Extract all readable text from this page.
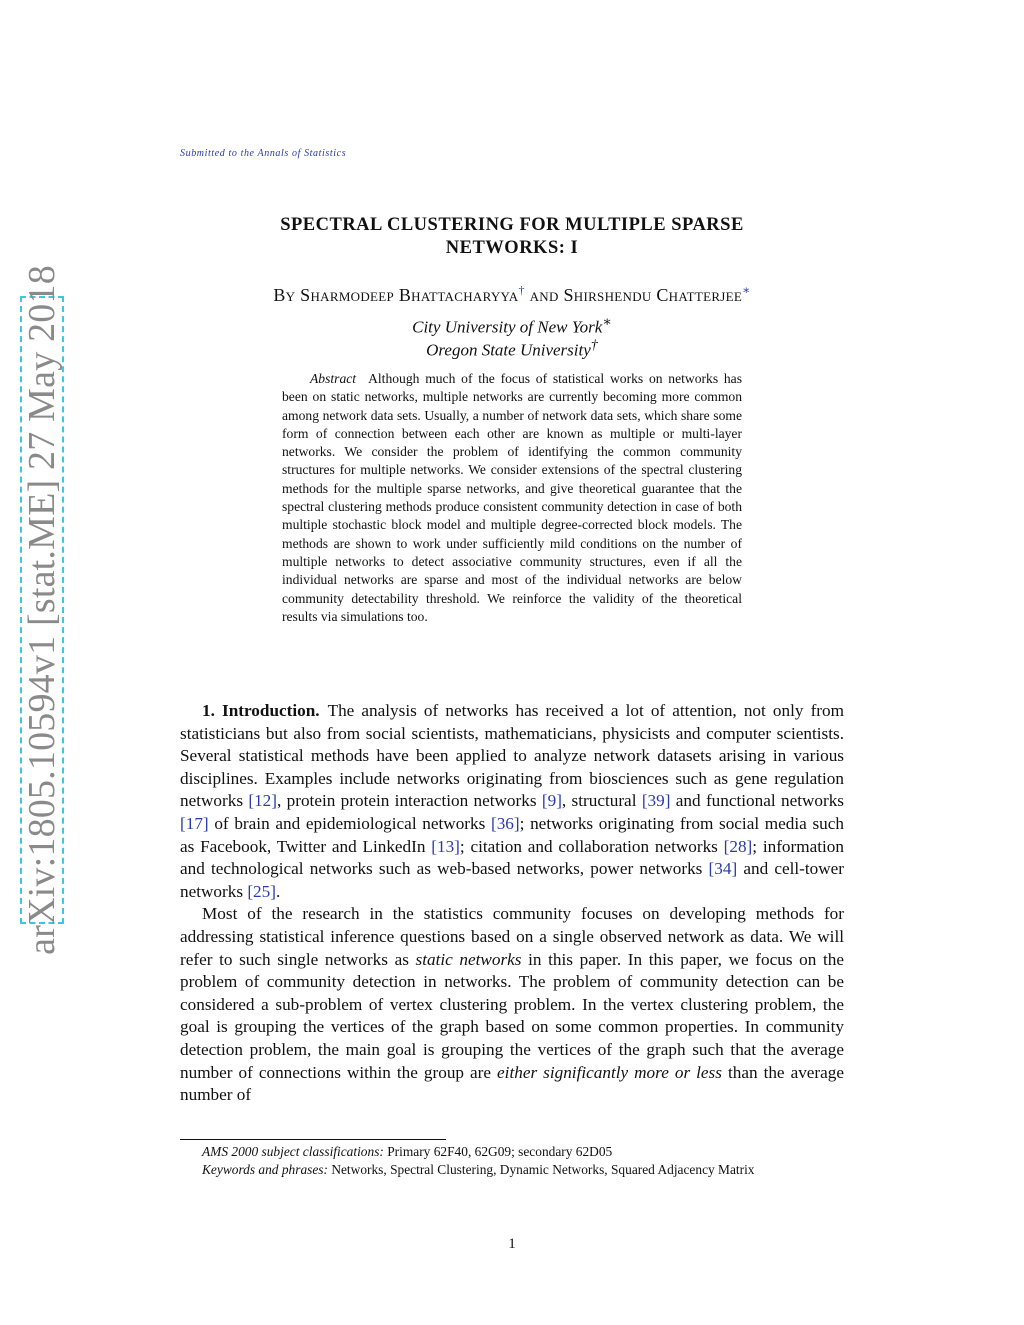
arXiv:1805.10594v1 [stat.ME] 27 May 2018
Submitted to the Annals of Statistics
SPECTRAL CLUSTERING FOR MULTIPLE SPARSE
NETWORKS: I
By Sharmodeep Bhattacharyya† and Shirshendu Chatterjee∗
City University of New York∗
Oregon State University†
Abstract Although much of the focus of statistical works on networks has been on static networks, multiple networks are currently becoming more common among network data sets. Usually, a number of network data sets, which share some form of connection between each other are known as multiple or multi-layer networks. We consider the problem of identifying the common community structures for multiple networks. We consider extensions of the spectral clustering methods for the multiple sparse networks, and give theoretical guarantee that the spectral clustering methods produce consistent community detection in case of both multiple stochastic block model and multiple degree-corrected block models. The methods are shown to work under sufficiently mild conditions on the number of multiple networks to detect associative community structures, even if all the individual networks are sparse and most of the individual networks are below community detectability threshold. We reinforce the validity of the theoretical results via simulations too.

1. Introduction. The analysis of networks has received a lot of attention, not only from statisticians but also from social scientists, mathematicians, physicists and computer scientists. Several statistical methods have been applied to analyze network datasets arising in various disciplines. Examples include networks originating from biosciences such as gene regulation networks [12], protein protein interaction networks [9], structural [39] and functional networks [17] of brain and epidemiological networks [36]; networks originating from social media such as Facebook, Twitter and LinkedIn [13]; citation and collaboration networks [28]; information and technological networks such as web-based networks, power networks [34] and cell-tower networks [25].

Most of the research in the statistics community focuses on developing methods for addressing statistical inference questions based on a single observed network as data. We will refer to such single networks as static networks in this paper. In this paper, we focus on the problem of community detection in networks. The problem of community detection can be considered a sub-problem of vertex clustering problem. In the vertex clustering problem, the goal is grouping the vertices of the graph based on some common properties. In community detection problem, the main goal is grouping the vertices of the graph such that the average number of connections within the group are either significantly more or less than the average number of

AMS 2000 subject classifications: Primary 62F40, 62G09; secondary 62D05

Keywords and phrases: Networks, Spectral Clustering, Dynamic Networks, Squared Adjacency Matrix

1
